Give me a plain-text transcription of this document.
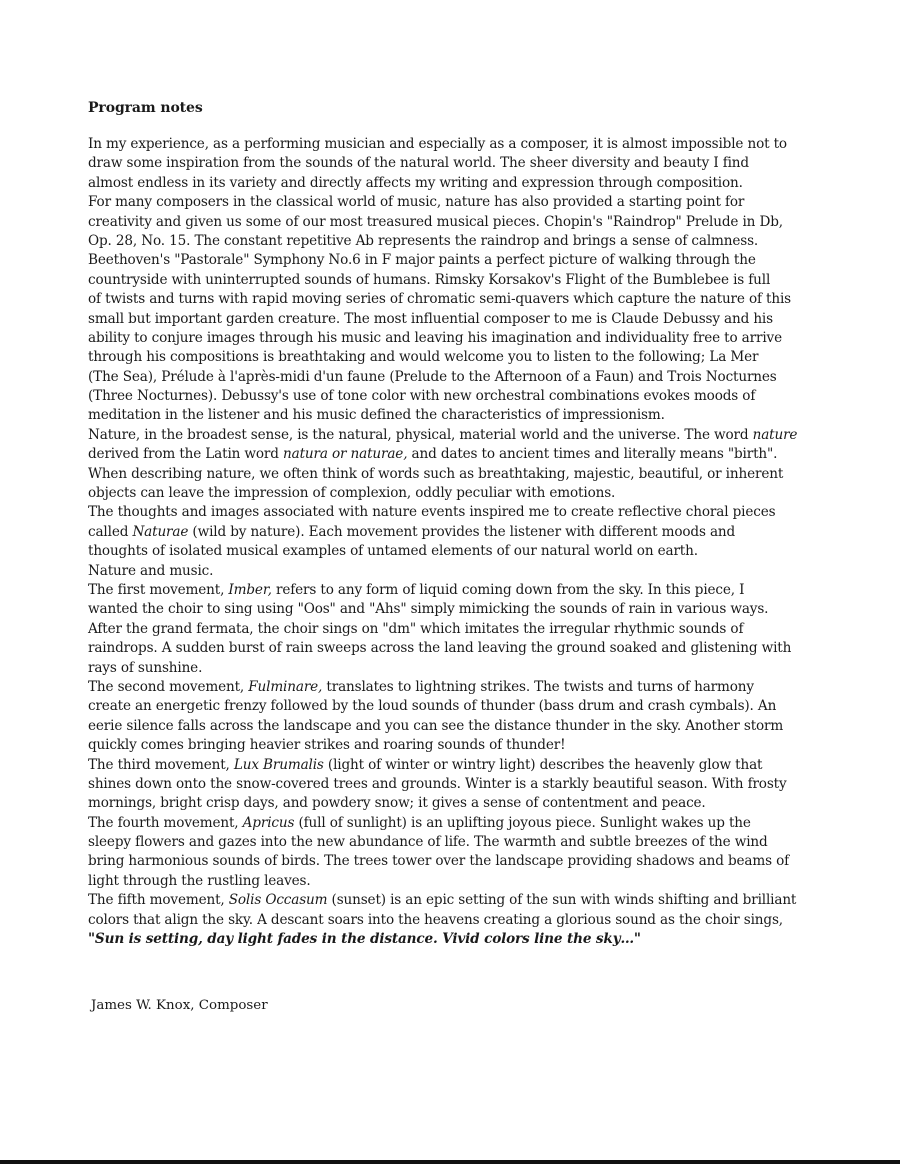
Program notes
In my experience, as a performing musician and especially as a composer, it is almost impossible not to
draw some inspiration from the sounds of the natural world. The sheer diversity and beauty I find
almost endless in its variety and directly affects my writing and expression through composition.
For many composers in the classical world of music, nature has also provided a starting point for
creativity and given us some of our most treasured musical pieces. Chopin's "Raindrop" Prelude in Db,
Op. 28, No. 15. The constant repetitive Ab represents the raindrop and brings a sense of calmness.
Beethoven's "Pastorale" Symphony No.6 in F major paints a perfect picture of walking through the
countryside with uninterrupted sounds of humans. Rimsky Korsakov's Flight of the Bumblebee is full
of twists and turns with rapid moving series of chromatic semi-quavers which capture the nature of this
small but important garden creature. The most influential composer to me is Claude Debussy and his
ability to conjure images through his music and leaving his imagination and individuality free to arrive
through his compositions is breathtaking and would welcome you to listen to the following; La Mer
(The Sea), Prélude à l'après-midi d'un faune (Prelude to the Afternoon of a Faun) and Trois Nocturnes
(Three Nocturnes). Debussy's use of tone color with new orchestral combinations evokes moods of
meditation in the listener and his music defined the characteristics of impressionism.
Nature, in the broadest sense, is the natural, physical, material world and the universe. The word nature
derived from the Latin word natura or naturae, and dates to ancient times and literally means "birth".
When describing nature, we often think of words such as breathtaking, majestic, beautiful, or inherent
objects can leave the impression of complexion, oddly peculiar with emotions.
The thoughts and images associated with nature events inspired me to create reflective choral pieces
called Naturae (wild by nature). Each movement provides the listener with different moods and
thoughts of isolated musical examples of untamed elements of our natural world on earth.
Nature and music.
The first movement, Imber, refers to any form of liquid coming down from the sky. In this piece, I
wanted the choir to sing using "Oos" and "Ahs" simply mimicking the sounds of rain in various ways.
After the grand fermata, the choir sings on "dm" which imitates the irregular rhythmic sounds of
raindrops. A sudden burst of rain sweeps across the land leaving the ground soaked and glistening with
rays of sunshine.
The second movement, Fulminare, translates to lightning strikes. The twists and turns of harmony
create an energetic frenzy followed by the loud sounds of thunder (bass drum and crash cymbals). An
eerie silence falls across the landscape and you can see the distance thunder in the sky. Another storm
quickly comes bringing heavier strikes and roaring sounds of thunder!
The third movement, Lux Brumalis (light of winter or wintry light) describes the heavenly glow that
shines down onto the snow-covered trees and grounds. Winter is a starkly beautiful season. With frosty
mornings, bright crisp days, and powdery snow; it gives a sense of contentment and peace.
The fourth movement, Apricus (full of sunlight) is an uplifting joyous piece. Sunlight wakes up the
sleepy flowers and gazes into the new abundance of life. The warmth and subtle breezes of the wind
bring harmonious sounds of birds. The trees tower over the landscape providing shadows and beams of
light through the rustling leaves.
The fifth movement, Solis Occasum (sunset) is an epic setting of the sun with winds shifting and brilliant
colors that align the sky. A descant soars into the heavens creating a glorious sound as the choir sings,
"Sun is setting, day light fades in the distance. Vivid colors line the sky…"
James W. Knox, Composer
